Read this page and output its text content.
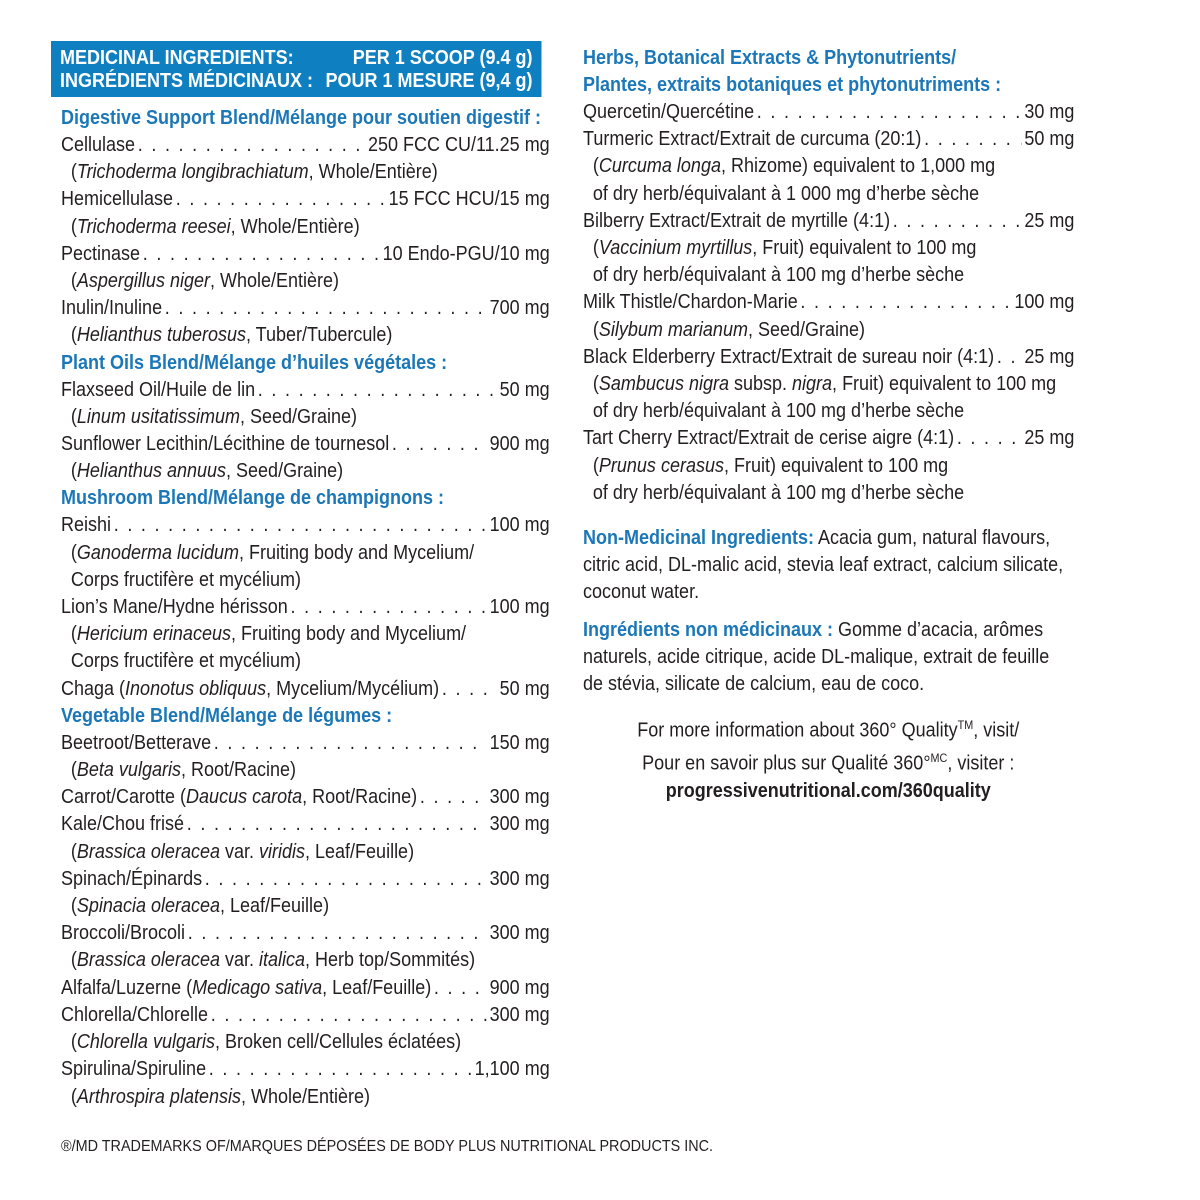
MEDICINAL INGREDIENTS:	PER 1 SCOOP (9.4 g)
INGRÉDIENTS MÉDICINAUX : POUR 1 MESURE (9,4 g)
Digestive Support Blend/Mélange pour soutien digestif :
Cellulase . . .	250 FCC CU/11.25 mg
(Trichoderma longibrachiatum, Whole/Entière)
Hemicellulase . . .	15 FCC HCU/15 mg
(Trichoderma reesei, Whole/Entière)
Pectinase . . .	10 Endo-PGU/10 mg
(Aspergillus niger, Whole/Entière)
Inulin/Inuline . . .	700 mg
(Helianthus tuberosus, Tuber/Tubercule)
Plant Oils Blend/Mélange d’huiles végétales :
Flaxseed Oil/Huile de lin . . .	50 mg
(Linum usitatissimum, Seed/Graine)
Sunflower Lecithin/Lécithine de tournesol . . .	900 mg
(Helianthus annuus, Seed/Graine)
Mushroom Blend/Mélange de champignons :
Reishi . . .	100 mg
(Ganoderma lucidum, Fruiting body and Mycelium/
Corps fructifère et mycélium)
Lion’s Mane/Hydne hérisson . . .	100 mg
(Hericium erinaceus, Fruiting body and Mycelium/
Corps fructifère et mycélium)
Chaga (Inonotus obliquus, Mycelium/Mycélium) . . .	50 mg
Vegetable Blend/Mélange de légumes :
Beetroot/Betterave . . .	150 mg
(Beta vulgaris, Root/Racine)
Carrot/Carotte (Daucus carota, Root/Racine) . . .	300 mg
Kale/Chou frisé . . .	300 mg
(Brassica oleracea var. viridis, Leaf/Feuille)
Spinach/Épinards . . .	300 mg
(Spinacia oleracea, Leaf/Feuille)
Broccoli/Brocoli . . .	300 mg
(Brassica oleracea var. italica, Herb top/Sommités)
Alfalfa/Luzerne (Medicago sativa, Leaf/Feuille) . . .	900 mg
Chlorella/Chlorelle . . .	300 mg
(Chlorella vulgaris, Broken cell/Cellules éclatées)
Spirulina/Spiruline . . .	1,100 mg
(Arthrospira platensis, Whole/Entière)
Herbs, Botanical Extracts & Phytonutrients/
Plantes, extraits botaniques et phytonutriments :
Quercetin/Quercétine . . .	30 mg
Turmeric Extract/Extrait de curcuma (20:1) . . .	50 mg
(Curcuma longa, Rhizome) equivalent to 1,000 mg
of dry herb/équivalant à 1 000 mg d’herbe sèche
Bilberry Extract/Extrait de myrtille (4:1) . . .	25 mg
(Vaccinium myrtillus, Fruit) equivalent to 100 mg
of dry herb/équivalant à 100 mg d’herbe sèche
Milk Thistle/Chardon-Marie . . .	100 mg
(Silybum marianum, Seed/Graine)
Black Elderberry Extract/Extrait de sureau noir (4:1) . . . 25 mg
(Sambucus nigra subsp. nigra, Fruit) equivalent to 100 mg
of dry herb/équivalant à 100 mg d’herbe sèche
Tart Cherry Extract/Extrait de cerise aigre (4:1) . . .	25 mg
(Prunus cerasus, Fruit) equivalent to 100 mg
of dry herb/équivalant à 100 mg d’herbe sèche
Non-Medicinal Ingredients: Acacia gum, natural flavours, citric acid, DL-malic acid, stevia leaf extract, calcium silicate, coconut water.
Ingrédients non médicinaux : Gomme d’acacia, arômes naturels, acide citrique, acide DL-malique, extrait de feuille de stévia, silicate de calcium, eau de coco.
For more information about 360° Quality™, visit/
Pour en savoir plus sur Qualité 360°$^{MC}$, visiter :
progressivenutritional.com/360quality
®/MD TRADEMARKS OF/MARQUES DÉPOSÉES DE BODY PLUS NUTRITIONAL PRODUCTS INC.
